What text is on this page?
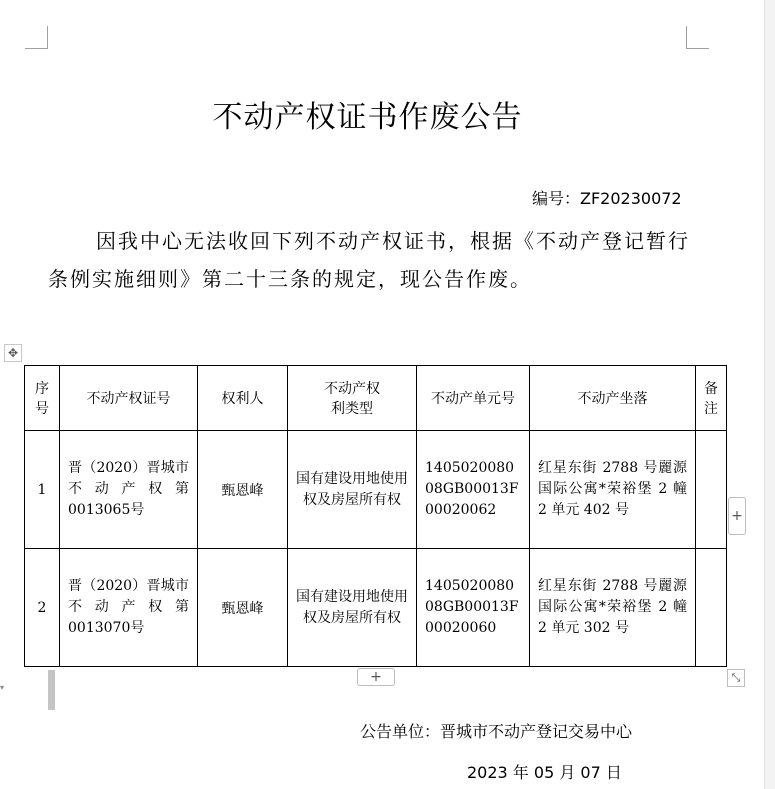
不动产权证书作废公告
编号：ZF20230072
因我中心无法收回下列不动产权证书，根据《不动产登记暂行条例实施细则》第二十三条的规定，现公告作废。
✥
序号	不动产权证号	权利人	不动产权利类型	不动产单元号	不动产坐落	备注
1	晋（2020）晋城市不动产权第0013065号	甄恩峰	国有建设用地使用权及房屋所有权	140502008008GB00013F00020062	红星东街 2788 号麗源国际公寓*荣裕堡 2 幢 2 单元 402 号	
2	晋（2020）晋城市不动产权第0013070号	甄恩峰	国有建设用地使用权及房屋所有权	140502008008GB00013F00020060	红星东街 2788 号麗源国际公寓*荣裕堡 2 幢 2 单元 302 号	
+
+	⤡
▾
公告单位：晋城市不动产登记交易中心
2023 年 05 月 07 日
